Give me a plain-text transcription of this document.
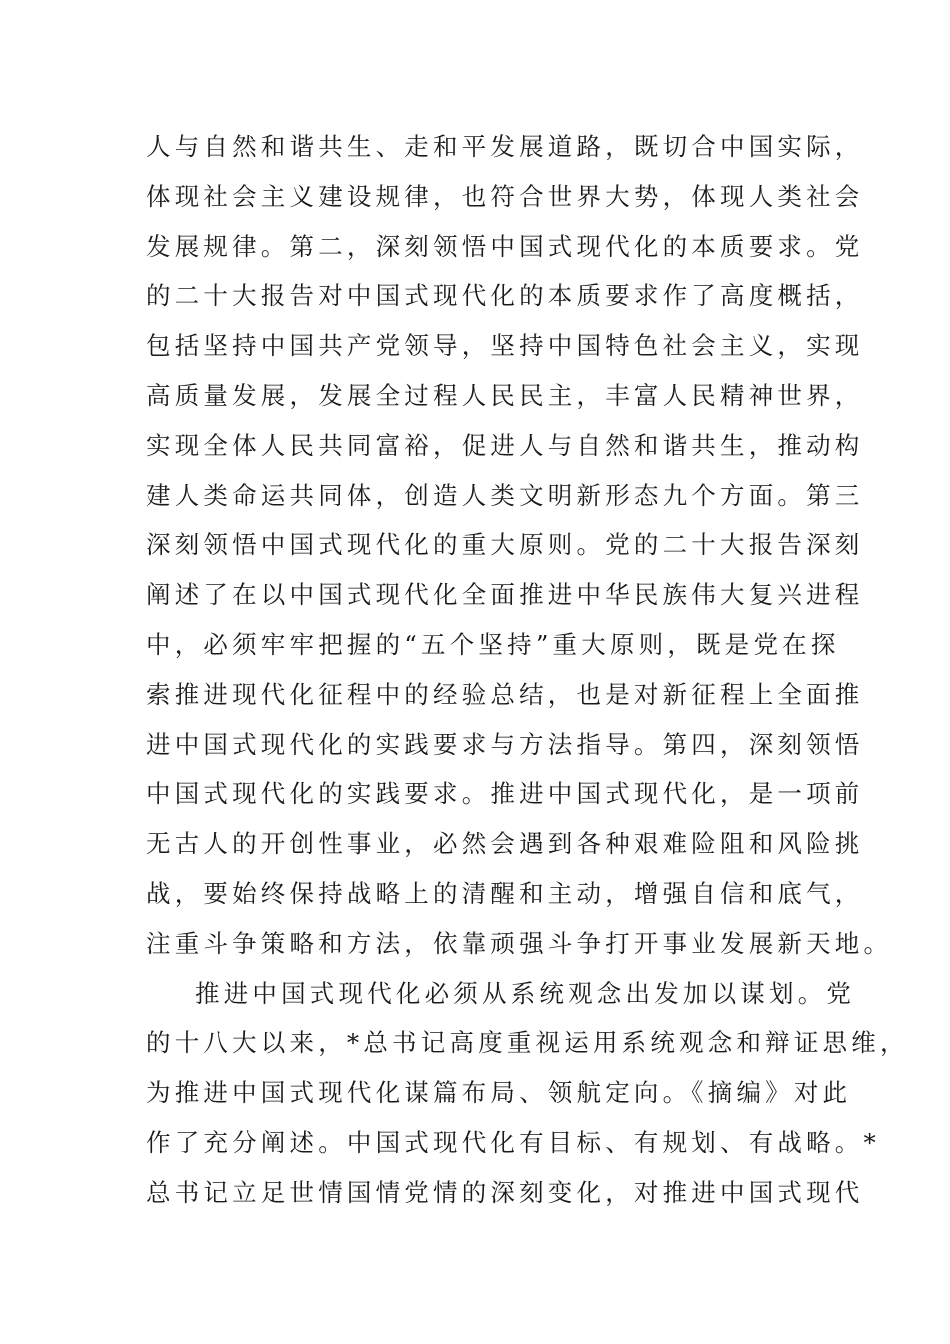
人与自然和谐共生、走和平发展道路，既切合中国实际，
体现社会主义建设规律，也符合世界大势，体现人类社会
发展规律。第二，深刻领悟中国式现代化的本质要求。党
的二十大报告对中国式现代化的本质要求作了高度概括，
包括坚持中国共产党领导，坚持中国特色社会主义，实现
高质量发展，发展全过程人民民主，丰富人民精神世界，
实现全体人民共同富裕，促进人与自然和谐共生，推动构
建人类命运共同体，创造人类文明新形态九个方面。第三
深刻领悟中国式现代化的重大原则。党的二十大报告深刻
阐述了在以中国式现代化全面推进中华民族伟大复兴进程
中，必须牢牢把握的“五个坚持”重大原则，既是党在探
索推进现代化征程中的经验总结，也是对新征程上全面推
进中国式现代化的实践要求与方法指导。第四，深刻领悟
中国式现代化的实践要求。推进中国式现代化，是一项前
无古人的开创性事业，必然会遇到各种艰难险阻和风险挑
战，要始终保持战略上的清醒和主动，增强自信和底气，
注重斗争策略和方法，依靠顽强斗争打开事业发展新天地。
推进中国式现代化必须从系统观念出发加以谋划。党
的十八大以来，*总书记高度重视运用系统观念和辩证思维，
为推进中国式现代化谋篇布局、领航定向。《摘编》对此
作了充分阐述。中国式现代化有目标、有规划、有战略。*
总书记立足世情国情党情的深刻变化，对推进中国式现代
